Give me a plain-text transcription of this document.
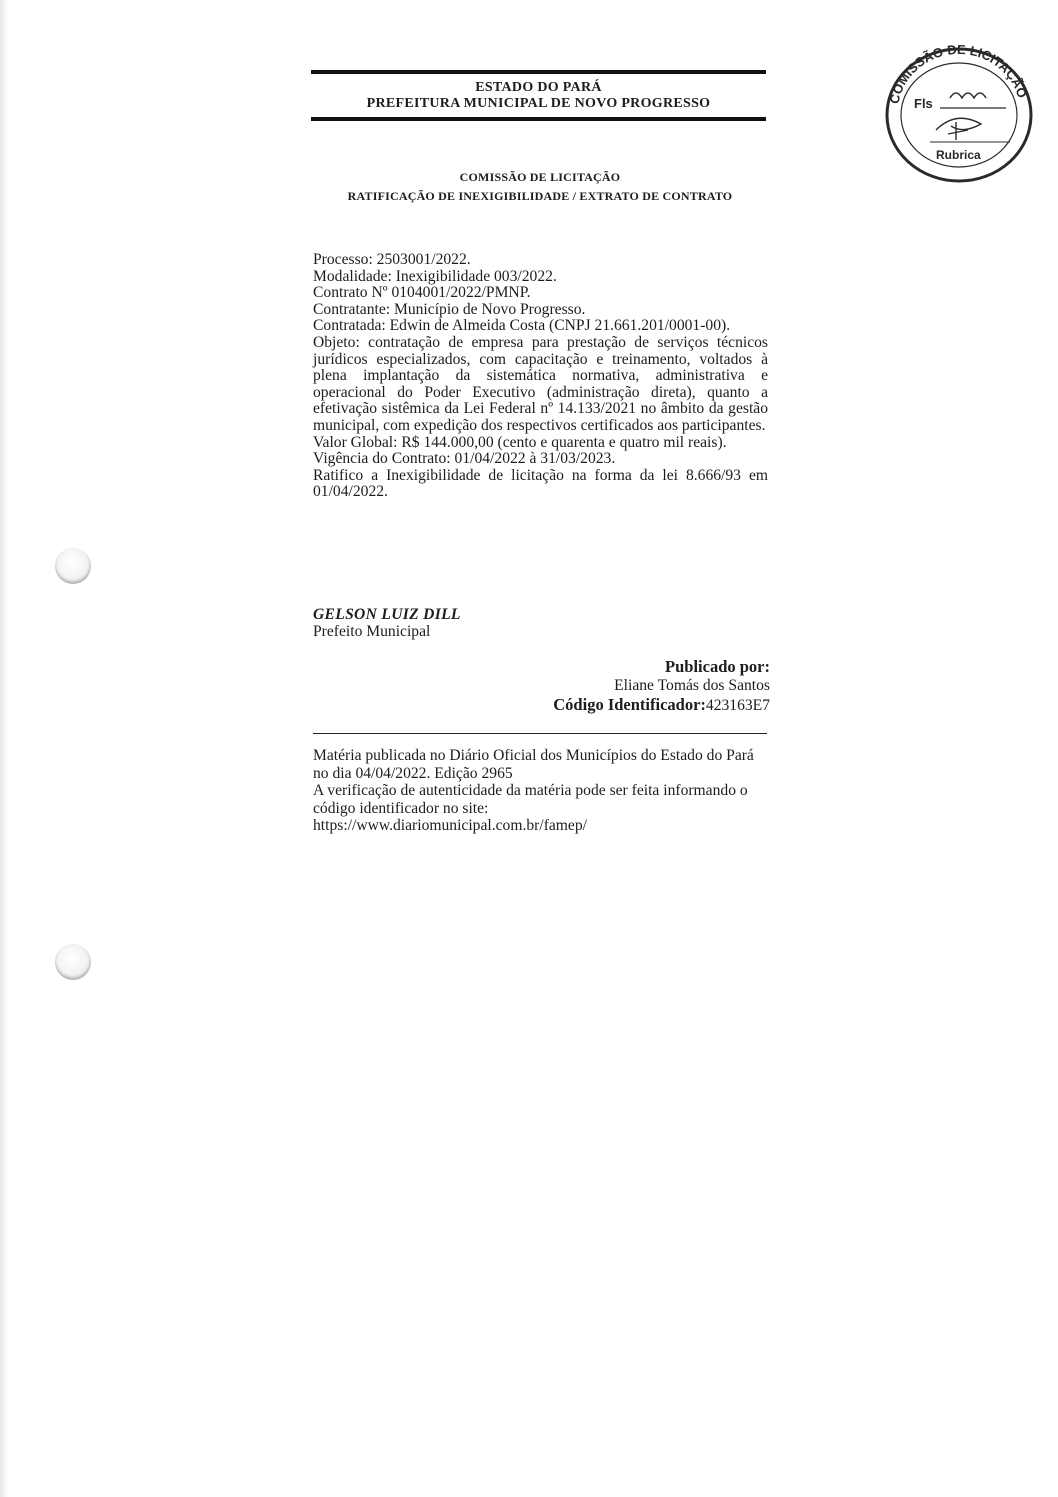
ESTADO DO PARÁ
PREFEITURA MUNICIPAL DE NOVO PROGRESSO
COMISSÃO DE LICITAÇÃO
RATIFICAÇÃO DE INEXIGIBILIDADE / EXTRATO DE CONTRATO

Processo: 2503001/2022.

Modalidade: Inexigibilidade 003/2022.

Contrato Nº 0104001/2022/PMNP.

Contratante: Município de Novo Progresso.

Contratada: Edwin de Almeida Costa (CNPJ 21.661.201/0001-00).

Objeto: contratação de empresa para prestação de serviços técnicos jurídicos especializados, com capacitação e treinamento, voltados à plena implantação da sistemática normativa, administrativa e operacional do Poder Executivo (administração direta), quanto a efetivação sistêmica da Lei Federal nº 14.133/2021 no âmbito da gestão municipal, com expedição dos respectivos certificados aos participantes.

Valor Global: R$ 144.000,00 (cento e quarenta e quatro mil reais).

Vigência do Contrato: 01/04/2022 à 31/03/2023.

Ratifico a Inexigibilidade de licitação na forma da lei 8.666/93 em 01/04/2022.

GELSON LUIZ DILL
Prefeito Municipal
Publicado por:
Eliane Tomás dos Santos
Código Identificador:423163E7

Matéria publicada no Diário Oficial dos Municípios do Estado do Pará no dia 04/04/2022. Edição 2965

A verificação de autenticidade da matéria pode ser feita informando o código identificador no site:

https://www.diariomunicipal.com.br/famep/

COMISSÃO DE LICITAÇÃO
Fls
Rubrica
